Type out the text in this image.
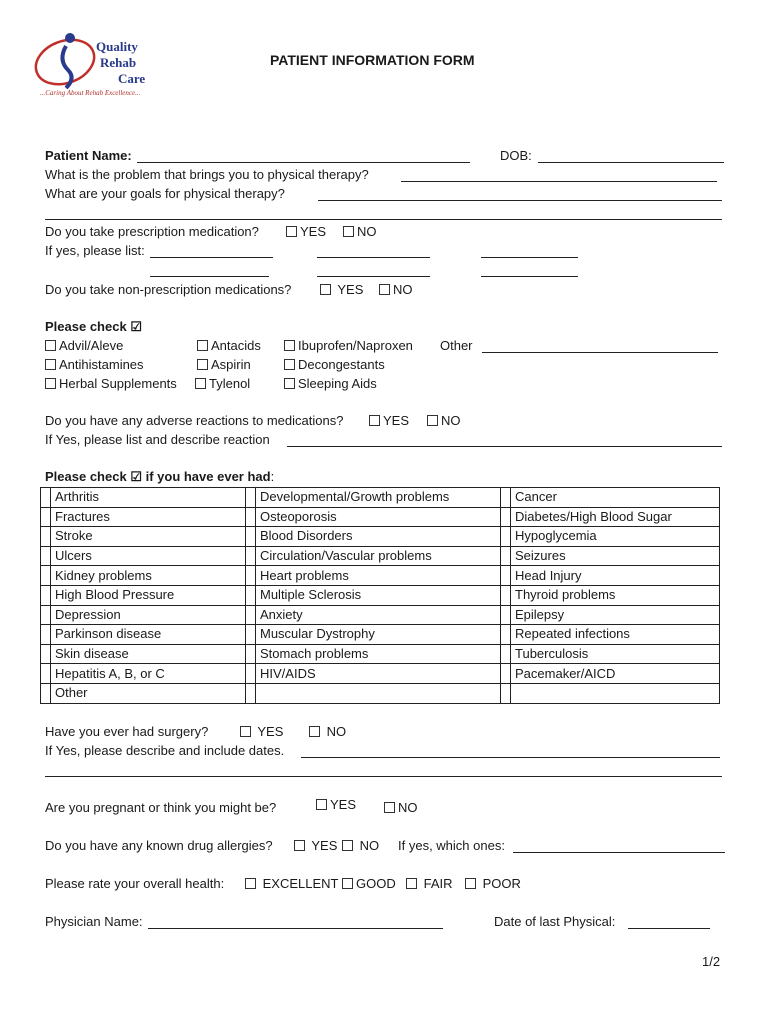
Quality
Rehab
Care
...Caring About Rehab Excellence...
PATIENT INFORMATION FORM
Patient Name:	DOB:
What is the problem that brings you to physical therapy?
What are your goals for physical therapy?
Do you take prescription medication?	YES	NO
If yes, please list:
Do you take non-prescription medications?	YES	NO
Please check ☑
Advil/Aleve	Antacids	Ibuprofen/Naproxen Other
Antihistamines	Aspirin	Decongestants
Herbal Supplements	Tylenol	Sleeping Aids
Do you have any adverse reactions to medications?	YES	NO
If Yes, please list and describe reaction
Please check ☑ if you have ever had:
	Arthritis		Developmental/Growth problems		Cancer
	Fractures		Osteoporosis		Diabetes/High Blood Sugar
	Stroke		Blood Disorders		Hypoglycemia
	Ulcers		Circulation/Vascular problems		Seizures
	Kidney problems		Heart problems		Head Injury
	High Blood Pressure		Multiple Sclerosis		Thyroid problems
	Depression		Anxiety		Epilepsy
	Parkinson disease		Muscular Dystrophy		Repeated infections
	Skin disease		Stomach problems		Tuberculosis
	Hepatitis A, B, or C		HIV/AIDS		Pacemaker/AICD
	Other				
Have you ever had surgery?	YES	NO
If Yes, please describe and include dates.
Are you pregnant or think you might be?	YES	NO
Do you have any known drug allergies?	YES	NO If yes, which ones:
Please rate your overall health:	EXCELLENT	GOOD	FAIR	POOR
Physician Name:	Date of last Physical:
1/2
